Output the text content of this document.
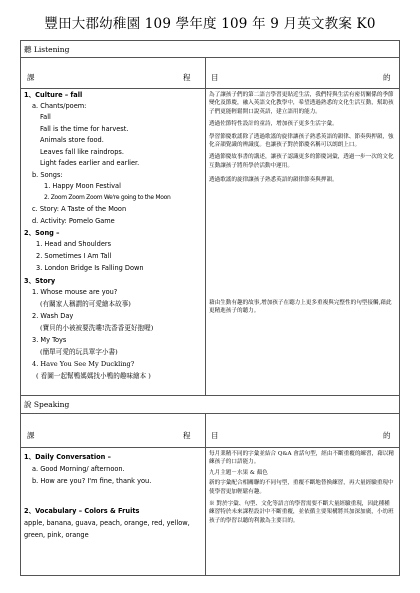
豐田大郡幼稚園 109 學年度 109 年 9 月英文教案 K0
聽 Listening
課	程	目	的
1、Culture – fall
a. Chants/poem:
Fall
Fall is the time for harvest.
Animals store food.
Leaves fall like raindrops.
Light fades earlier and earlier.
b. Songs:
1. Happy Moon Festival
2. Zoom Zoom Zoom We're going to the Moon
c. Story: A Taste of the Moon
d. Activity: Pomelo Game
2、Song –
1. Head and Shoulders
2. Sometimes I Am Tall
3. London Bridge Is Falling Down
3、Story
1. Whose mouse are you?
(有關家人稱謂的可愛繪本故事)
2. Wash Day
(寶貝的小被被要洗嘍!洗香香更好抱喔)
3. My Toys
(簡單可愛的玩具單字小書)
4. Have You See My Duckling?
( 看圖一起幫鴨媽媽找小鴨的趣味繪本 )

為了讓孩子們的第二語言學習更貼近生活，我們特與生活有密切關係的季節變化及節慶，融入英語文化教學中，希望透過熟悉的文化生活互動，幫助孩子們更能輕鬆開口說英語，建立語用的能力。

透過佐節特性設計的童詩，增加孩子更多生活字彙。

學習節慶歌謠除了透過歌謠的旋律讓孩子熟悉英語的韻律、節奏與押韻，強化音韻覺識的辨識度。也讓孩子對於節慶名稱可以朗朗上口。

透過節慶故事書的講述，讓孩子認識更多的節慶詞彙，透過一步一次的文化互動讓孩子將所學於活動中運用。

透過歌謠的旋律讓孩子熟悉英語的韻律節奏與押韻。

藉由生動有趣的故事,增加孩子在聽力上更多重複與完整性的句型接觸,藉此更精進孩子的聽力。

說 Speaking
課	程	目	的
1、Daily Conversation –
a. Good Morning/ afternoon.
b. How are you? I'm fine, thank you.
2、Vocabulary – Colors & Fruits
apple, banana, guava, peach, orange, red, yellow,
green, pink, orange

每月業精不同的字彙並結合 Q&A 會話句型，經由不斷重覆的練習，藉以精練孩子的口語能力。

九月主題－水果 & 顏色

新的字彙配合相關聯的不同句型，重覆不斷地替換練習，再大量經驗重現中使學習更加輕鬆有趣。

※ 對於字彙、句型、文化等語言的學習需要不斷大量經驗重現，因此種種練習特於未來課程設計中不斷重覆，並依循主要架構將其加深加廣，小幼班孩子的學習以聽的利激為主要目的。
